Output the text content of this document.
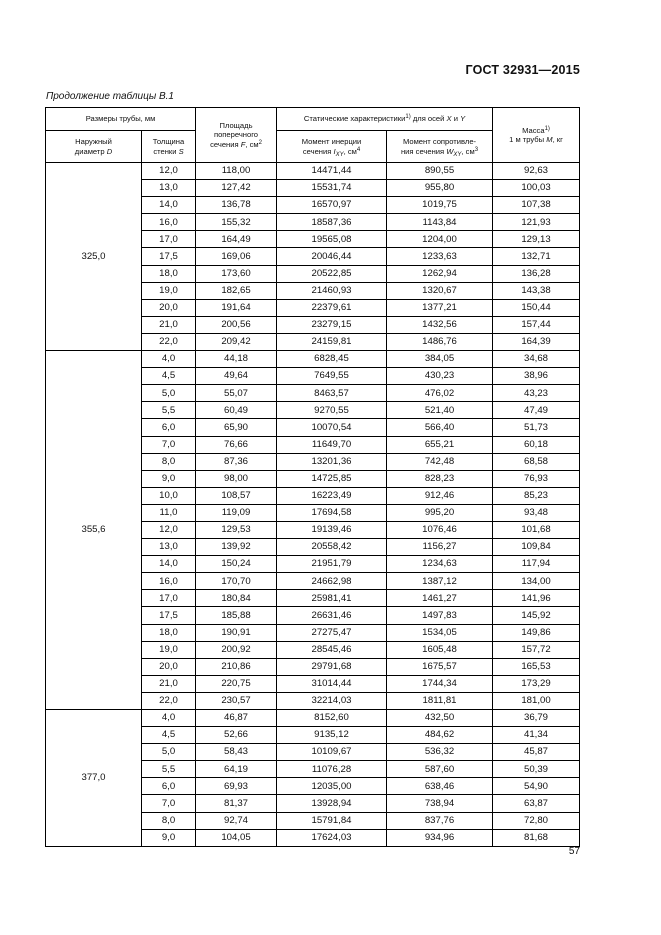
ГОСТ 32931—2015
Продолжение таблицы В.1
Размеры трубы, мм		Площадь
поперечного
сечения F, $см^2$	Статические характеристики$^{1)}$ для осей X и Y		Масса$^{1)}$
1 м трубы M, кг
Наружный
диаметр D	Толщина
стенки S		Момент инерции
сечения $I_{XY}$, $см^4$	Момент сопротивле-
ния сечения $W_{XY}$, $см^3$
325,0	12,0	118,00	14471,44	890,55	92,63
	13,0	127,42	15531,74	955,80	100,03
	14,0	136,78	16570,97	1019,75	107,38
	16,0	155,32	18587,36	1143,84	121,93
	17,0	164,49	19565,08	1204,00	129,13
	17,5	169,06	20046,44	1233,63	132,71
	18,0	173,60	20522,85	1262,94	136,28
	19,0	182,65	21460,93	1320,67	143,38
	20,0	191,64	22379,61	1377,21	150,44
	21,0	200,56	23279,15	1432,56	157,44
	22,0	209,42	24159,81	1486,76	164,39
355,6	4,0	44,18	6828,45	384,05	34,68
	4,5	49,64	7649,55	430,23	38,96
	5,0	55,07	8463,57	476,02	43,23
	5,5	60,49	9270,55	521,40	47,49
	6,0	65,90	10070,54	566,40	51,73
	7,0	76,66	11649,70	655,21	60,18
	8,0	87,36	13201,36	742,48	68,58
	9,0	98,00	14725,85	828,23	76,93
	10,0	108,57	16223,49	912,46	85,23
	11,0	119,09	17694,58	995,20	93,48
	12,0	129,53	19139,46	1076,46	101,68
	13,0	139,92	20558,42	1156,27	109,84
	14,0	150,24	21951,79	1234,63	117,94
	16,0	170,70	24662,98	1387,12	134,00
	17,0	180,84	25981,41	1461,27	141,96
	17,5	185,88	26631,46	1497,83	145,92
	18,0	190,91	27275,47	1534,05	149,86
	19,0	200,92	28545,46	1605,48	157,72
	20,0	210,86	29791,68	1675,57	165,53
	21,0	220,75	31014,44	1744,34	173,29
	22,0	230,57	32214,03	1811,81	181,00
377,0	4,0	46,87	8152,60	432,50	36,79
	4,5	52,66	9135,12	484,62	41,34
	5,0	58,43	10109,67	536,32	45,87
	5,5	64,19	11076,28	587,60	50,39
	6,0	69,93	12035,00	638,46	54,90
	7,0	81,37	13928,94	738,94	63,87
	8,0	92,74	15791,84	837,76	72,80
	9,0	104,05	17624,03	934,96	81,68
57
